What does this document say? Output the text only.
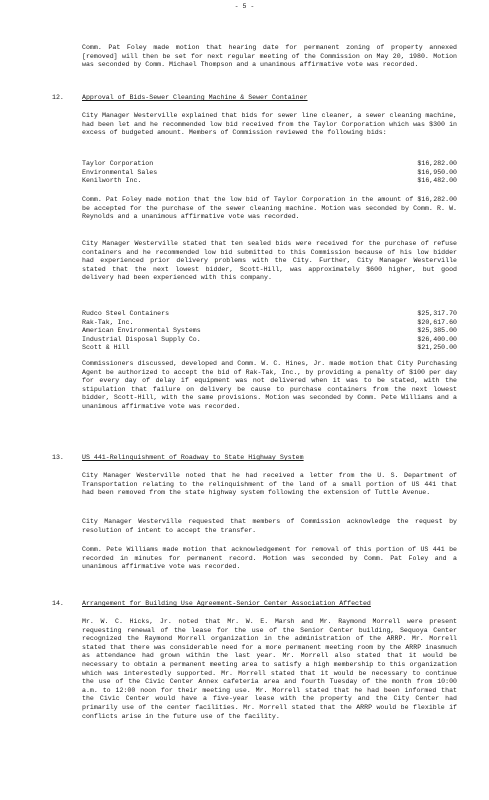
- 5 -
Comm. Pat Foley made motion that hearing date for permanent zoning of property annexed [removed] will then be set for next regular meeting of the Commission on May 20, 1980. Motion was seconded by Comm. Michael Thompson and a unanimous affirmative vote was recorded.
12.	Approval of Bids-Sewer Cleaning Machine & Sewer Container
City Manager Westerville explained that bids for sewer line cleaner, a sewer cleaning machine, had been let and he recommended low bid received from the Taylor Corporation which was $300 in excess of budgeted amount. Members of Commission reviewed the following bids:
Taylor Corporation	$16,282.00
Environmental Sales	$16,950.00
Kenilworth Inc.	$16,482.00
Comm. Pat Foley made motion that the low bid of Taylor Corporation in the amount of $16,282.00 be accepted for the purchase of the sewer cleaning machine. Motion was seconded by Comm. R. W. Reynolds and a unanimous affirmative vote was recorded.
City Manager Westerville stated that ten sealed bids were received for the purchase of refuse containers and he recommended low bid submitted to this Commission because of his low bidder had experienced prior delivery problems with the City. Further, City Manager Westerville stated that the next lowest bidder, Scott-Hill, was approximately $600 higher, but good delivery had been experienced with this company.
Rudco Steel Containers	$25,317.70
Rak-Tak, Inc.	$20,617.60
American Environmental Systems	$25,385.00
Industrial Disposal Supply Co.	$26,400.00
Scott & Hill	$21,250.00
Commissioners discussed, developed and Comm. W. C. Hines, Jr. made motion that City Purchasing Agent be authorized to accept the bid of Rak-Tak, Inc., by providing a penalty of $100 per day for every day of delay if equipment was not delivered when it was to be stated, with the stipulation that failure on delivery be cause to purchase containers from the next lowest bidder, Scott-Hill, with the same provisions. Motion was seconded by Comm. Pete Williams and a unanimous affirmative vote was recorded.
13.	US 441-Relinquishment of Roadway to State Highway System
City Manager Westerville noted that he had received a letter from the U. S. Department of Transportation relating to the relinquishment of the land of a small portion of US 441 that had been removed from the state highway system following the extension of Tuttle Avenue.
City Manager Westerville requested that members of Commission acknowledge the request by resolution of intent to accept the transfer.
Comm. Pete Williams made motion that acknowledgement for removal of this portion of US 441 be recorded in minutes for permanent record. Motion was seconded by Comm. Pat Foley and a unanimous affirmative vote was recorded.
14.	Arrangement for Building Use Agreement-Senior Center Association Affected
Mr. W. C. Hicks, Jr. noted that Mr. W. E. Marsh and Mr. Raymond Morrell were present requesting renewal of the lease for the use of the Senior Center building, Sequoya Center recognized the Raymond Morrell organization in the administration of the ARRP. Mr. Morrell stated that there was considerable need for a more permanent meeting room by the ARRP inasmuch as attendance had grown within the last year. Mr. Morrell also stated that it would be necessary to obtain a permanent meeting area to satisfy a high membership to this organization which was interestedly supported. Mr. Morrell stated that it would be necessary to continue the use of the Civic Center Annex cafeteria area and fourth Tuesday of the month from 10:00 a.m. to 12:00 noon for their meeting use. Mr. Morrell stated that he had been informed that the Civic Center would have a five-year lease with the property and the City Center had primarily use of the center facilities. Mr. Morrell stated that the ARRP would be flexible if conflicts arise in the future use of the facility.
